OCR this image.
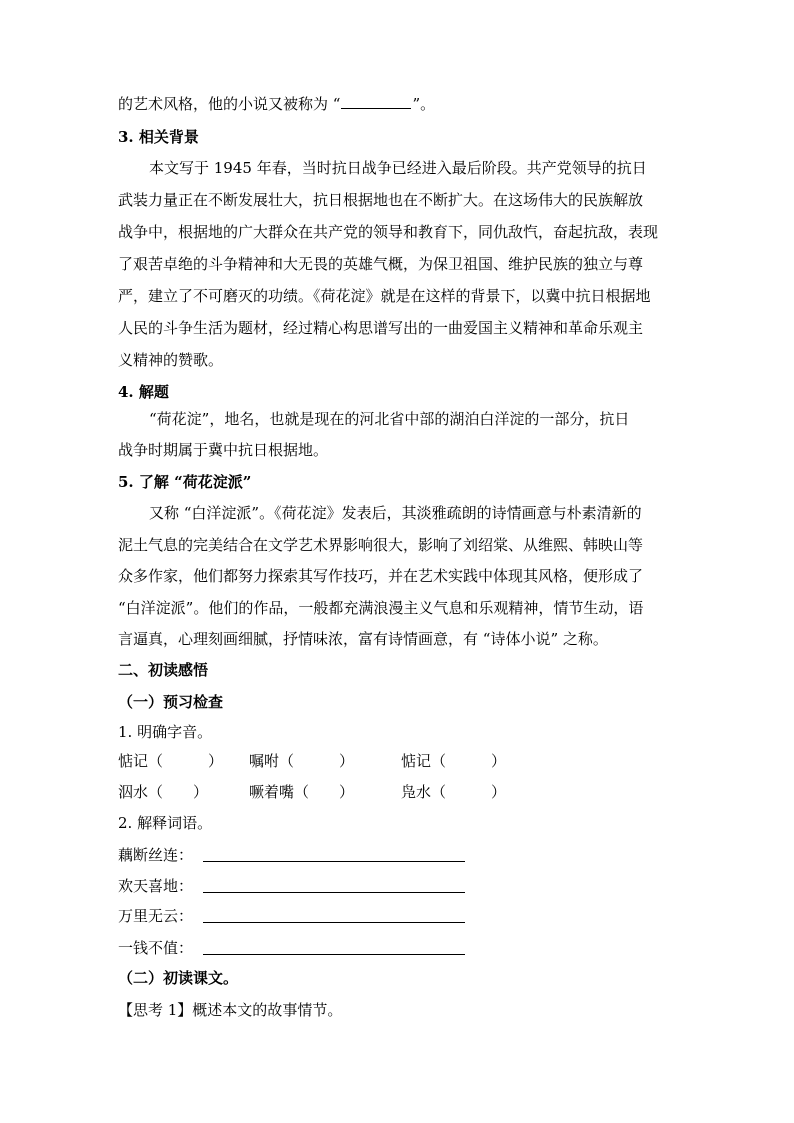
的艺术风格，他的小说又被称为 “	”。
3. 相关背景
本文写于 1945 年春，当时抗日战争已经进入最后阶段。共产党领导的抗日
武装力量正在不断发展壮大，抗日根据地也在不断扩大。在这场伟大的民族解放
战争中，根据地的广大群众在共产党的领导和教育下，同仇敌忾，奋起抗敌，表现
了艰苦卓绝的斗争精神和大无畏的英雄气概，为保卫祖国、维护民族的独立与尊
严，建立了不可磨灭的功绩。《荷花淀》就是在这样的背景下，以冀中抗日根据地
人民的斗争生活为题材，经过精心构思谱写出的一曲爱国主义精神和革命乐观主
义精神的赞歌。
4. 解题
“荷花淀”，地名，也就是现在的河北省中部的湖泊白洋淀的一部分，抗日
战争时期属于冀中抗日根据地。
5. 了解 “荷花淀派”
又称 “白洋淀派”。《荷花淀》发表后，其淡雅疏朗的诗情画意与朴素清新的
泥土气息的完美结合在文学艺术界影响很大，影响了刘绍棠、从维熙、韩映山等
众多作家，他们都努力探索其写作技巧，并在艺术实践中体现其风格，便形成了
“白洋淀派”。他们的作品，一般都充满浪漫主义气息和乐观精神，情节生动，语
言逼真，心理刻画细腻，抒情味浓，富有诗情画意，有 “诗体小说” 之称。
二、初读感悟
（一）预习检查
1. 明确字音。
惦记（　　　） 嘱咐（　　　）	惦记（　　　）
泅水（　　）	噘着嘴（　　）	凫水（　　　）
2. 解释词语。
藕断丝连：
欢天喜地：
万里无云：
一钱不值：
（二）初读课文。
【思考 1】概述本文的故事情节。
